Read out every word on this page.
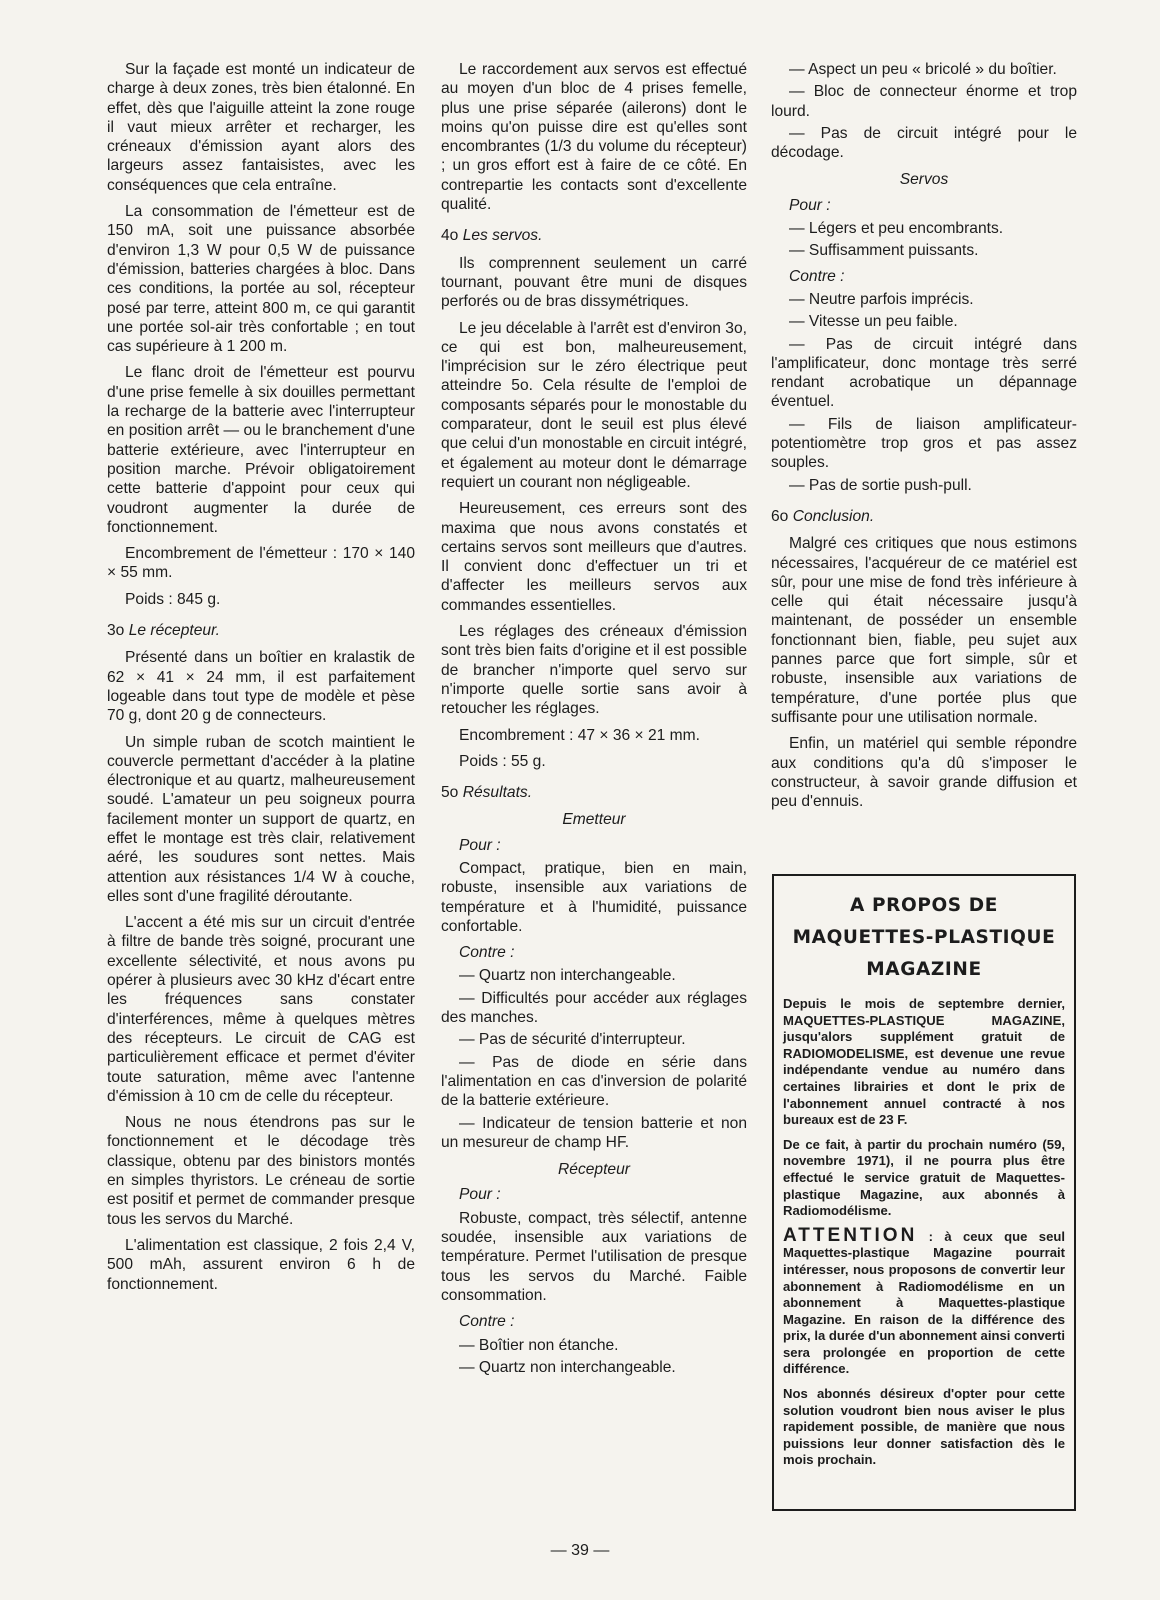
Sur la façade est monté un indicateur de charge à deux zones, très bien étalonné. En effet, dès que l'aiguille atteint la zone rouge il vaut mieux arrêter et recharger, les créneaux d'émission ayant alors des largeurs assez fantaisistes, avec les conséquences que cela entraîne.

La consommation de l'émetteur est de 150 mA, soit une puissance absorbée d'environ 1,3 W pour 0,5 W de puissance d'émission, batteries chargées à bloc. Dans ces conditions, la portée au sol, récepteur posé par terre, atteint 800 m, ce qui garantit une portée sol-air très confortable ; en tout cas supérieure à 1 200 m.

Le flanc droit de l'émetteur est pourvu d'une prise femelle à six douilles permettant la recharge de la batterie avec l'interrupteur en position arrêt — ou le branchement d'une batterie extérieure, avec l'interrupteur en position marche. Prévoir obligatoirement cette batterie d'appoint pour ceux qui voudront augmenter la durée de fonctionnement.

Encombrement de l'émetteur : 170 × 140 × 55 mm.

Poids : 845 g.

3o Le récepteur.

Présenté dans un boîtier en kralastik de 62 × 41 × 24 mm, il est parfaitement logeable dans tout type de modèle et pèse 70 g, dont 20 g de connecteurs.

Un simple ruban de scotch maintient le couvercle permettant d'accéder à la platine électronique et au quartz, malheureusement soudé. L'amateur un peu soigneux pourra facilement monter un support de quartz, en effet le montage est très clair, relativement aéré, les soudures sont nettes. Mais attention aux résistances 1/4 W à couche, elles sont d'une fragilité déroutante.

L'accent a été mis sur un circuit d'entrée à filtre de bande très soigné, procurant une excellente sélectivité, et nous avons pu opérer à plusieurs avec 30 kHz d'écart entre les fréquences sans constater d'interférences, même à quelques mètres des récepteurs. Le circuit de CAG est particulièrement efficace et permet d'éviter toute saturation, même avec l'antenne d'émission à 10 cm de celle du récepteur.

Nous ne nous étendrons pas sur le fonctionnement et le décodage très classique, obtenu par des binistors montés en simples thyristors. Le créneau de sortie est positif et permet de commander presque tous les servos du Marché.

L'alimentation est classique, 2 fois 2,4 V, 500 mAh, assurent environ 6 h de fonctionnement.

Le raccordement aux servos est effectué au moyen d'un bloc de 4 prises femelle, plus une prise séparée (ailerons) dont le moins qu'on puisse dire est qu'elles sont encombrantes (1/3 du volume du récepteur) ; un gros effort est à faire de ce côté. En contrepartie les contacts sont d'excellente qualité.

4o Les servos.

Ils comprennent seulement un carré tournant, pouvant être muni de disques perforés ou de bras dissymétriques.

Le jeu décelable à l'arrêt est d'environ 3o, ce qui est bon, malheureusement, l'imprécision sur le zéro électrique peut atteindre 5o. Cela résulte de l'emploi de composants séparés pour le monostable du comparateur, dont le seuil est plus élevé que celui d'un monostable en circuit intégré, et également au moteur dont le démarrage requiert un courant non négligeable.

Heureusement, ces erreurs sont des maxima que nous avons constatés et certains servos sont meilleurs que d'autres. Il convient donc d'effectuer un tri et d'affecter les meilleurs servos aux commandes essentielles.

Les réglages des créneaux d'émission sont très bien faits d'origine et il est possible de brancher n'importe quel servo sur n'importe quelle sortie sans avoir à retoucher les réglages.

Encombrement : 47 × 36 × 21 mm.

Poids : 55 g.

5o Résultats.

Emetteur

Pour :

Compact, pratique, bien en main, robuste, insensible aux variations de température et à l'humidité, puissance confortable.

Contre :

— Quartz non interchangeable.

— Difficultés pour accéder aux réglages des manches.

— Pas de sécurité d'interrupteur.

— Pas de diode en série dans l'alimentation en cas d'inversion de polarité de la batterie extérieure.

— Indicateur de tension batterie et non un mesureur de champ HF.

Récepteur

Pour :

Robuste, compact, très sélectif, antenne soudée, insensible aux variations de température. Permet l'utilisation de presque tous les servos du Marché. Faible consommation.

Contre :

— Boîtier non étanche.

— Quartz non interchangeable.

— Aspect un peu « bricolé » du boîtier.

— Bloc de connecteur énorme et trop lourd.

— Pas de circuit intégré pour le décodage.

Servos

Pour :

— Légers et peu encombrants.

— Suffisamment puissants.

Contre :

— Neutre parfois imprécis.

— Vitesse un peu faible.

— Pas de circuit intégré dans l'amplificateur, donc montage très serré rendant acrobatique un dépannage éventuel.

— Fils de liaison amplificateur-potentiomètre trop gros et pas assez souples.

— Pas de sortie push-pull.

6o Conclusion.

Malgré ces critiques que nous estimons nécessaires, l'acquéreur de ce matériel est sûr, pour une mise de fond très inférieure à celle qui était nécessaire jusqu'à maintenant, de posséder un ensemble fonctionnant bien, fiable, peu sujet aux pannes parce que fort simple, sûr et robuste, insensible aux variations de température, d'une portée plus que suffisante pour une utilisation normale.

Enfin, un matériel qui semble répondre aux conditions qu'a dû s'imposer le constructeur, à savoir grande diffusion et peu d'ennuis.

A PROPOS DE
MAQUETTES-PLASTIQUE
MAGAZINE

Depuis le mois de septembre dernier, MAQUETTES-PLASTIQUE MAGAZINE, jusqu'alors supplément gratuit de RADIOMODELISME, est devenue une revue indépendante vendue au numéro dans certaines librairies et dont le prix de l'abonnement annuel contracté à nos bureaux est de 23 F.

De ce fait, à partir du prochain numéro (59, novembre 1971), il ne pourra plus être effectué le service gratuit de Maquettes-plastique Magazine, aux abonnés à Radiomodélisme.

ATTENTION : à ceux que seul Maquettes-plastique Magazine pourrait intéresser, nous proposons de convertir leur abonnement à Radiomodélisme en un abonnement à Maquettes-plastique Magazine. En raison de la différence des prix, la durée d'un abonnement ainsi converti sera prolongée en proportion de cette différence.

Nos abonnés désireux d'opter pour cette solution voudront bien nous aviser le plus rapidement possible, de manière que nous puissions leur donner satisfaction dès le mois prochain.

— 39 —
